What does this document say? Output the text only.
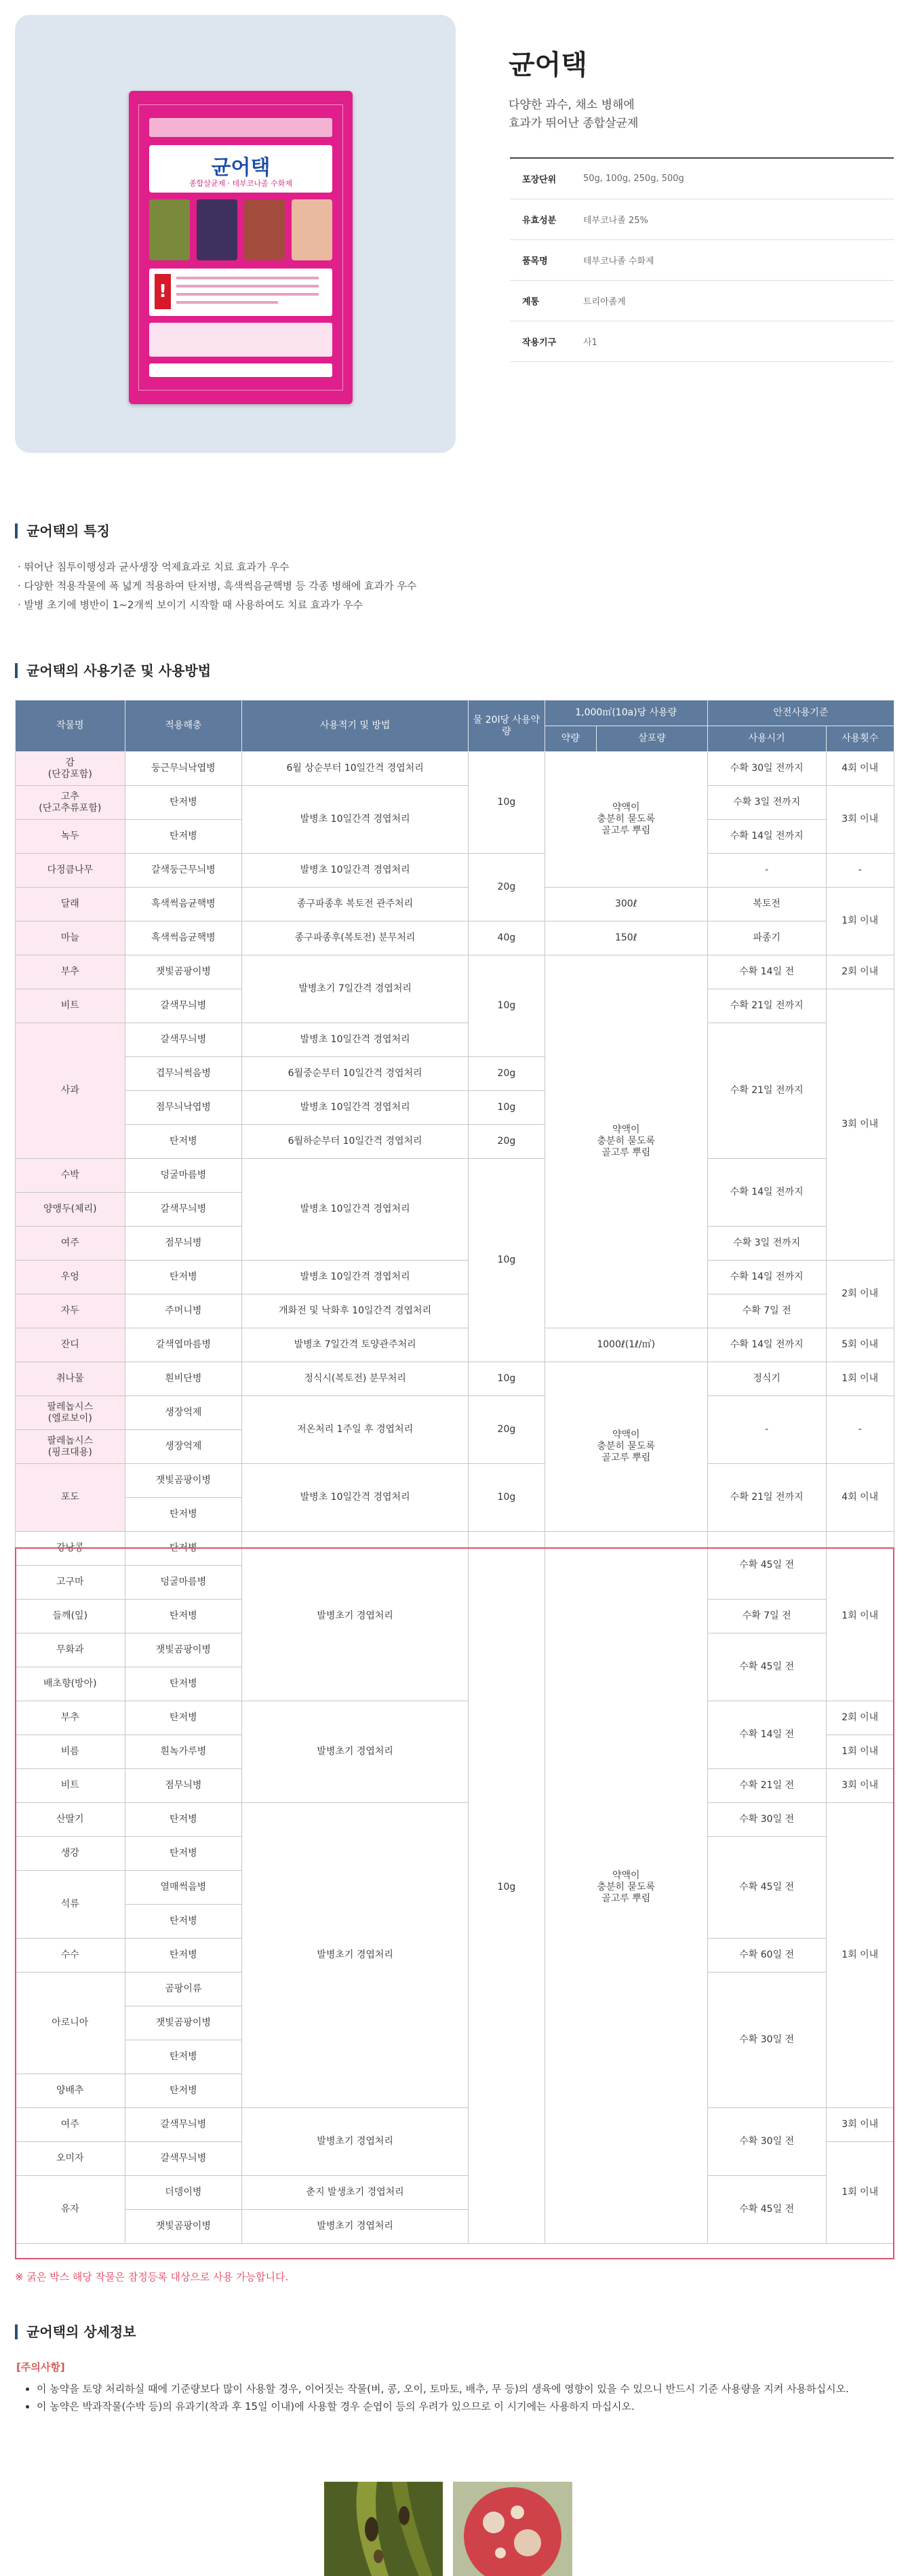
균어택
종합살균제 · 테부코나졸 수화제
!
균어택
다양한 과수, 채소 병해에
효과가 뛰어난 종합살균제
포장단위	50g, 100g, 250g, 500g
유효성분	테부코나졸 25%
품목명	테부코나졸 수화제
계통	트리아졸계
작용기구	사1
균어택의 특징
· 뛰어난 침투이행성과 균사생장 억제효과로 치료 효과가 우수
· 다양한 적용작물에 폭 넓게 적용하여 탄저병, 흑색썩음균핵병 등 각종 병해에 효과가 우수
· 발병 초기에 병반이 1~2개씩 보이기 시작할 때 사용하여도 치료 효과가 우수
균어택의 사용기준 및 사용방법
작물명	적용해충	사용적기 및 방법	물 20l당 사용약량	1,000㎡(10a)당 사용량		안전사용기준	
				약량	살포량	사용시기	사용횟수
감
(단감포함)	둥근무늬낙엽병	6월 상순부터 10일간격 경엽처리	10g	약액이
충분히 묻도록
골고루 뿌림		수확 30일 전까지	4회 이내
고추
(단고추류포함)	탄저병	발병초 10일간격 경엽처리				수확 3일 전까지	3회 이내
녹두	탄저병					수확 14일 전까지	
다정큼나무	갈색둥근무늬병	발병초 10일간격 경엽처리	20g			-	-
달래	흑색썩음균핵병	종구파종후 복토전 관주처리		300ℓ		복토전	1회 이내
마늘	흑색썩음균핵병	종구파종후(복토전) 분무처리	40g	150ℓ		파종기	
부추	잿빛곰팡이병	발병초기 7일간격 경엽처리	10g	약액이
충분히 묻도록
골고루 뿌림		수확 14일 전	2회 이내
비트	갈색무늬병					수확 21일 전까지	3회 이내
사과	갈색무늬병	발병초 10일간격 경엽처리				수확 21일 전까지	
	겹무늬썩음병	6월중순부터 10일간격 경엽처리	20g				
	점무늬낙엽병	발병초 10일간격 경엽처리	10g				
	탄저병	6월하순부터 10일간격 경엽처리	20g				
수박	덩굴마름병	발병초 10일간격 경엽처리	10g			수확 14일 전까지	
양앵두(체리)	갈색무늬병						
여주	점무늬병					수확 3일 전까지	
우엉	탄저병	발병초 10일간격 경엽처리				수확 14일 전까지	2회 이내
자두	주머니병	개화전 및 낙화후 10일간격 경엽처리				수확 7일 전	
잔디	갈색엽마름병	발병초 7일간격 토양관주처리		1000ℓ(1ℓ/㎡)		수확 14일 전까지	5회 이내
취나물	흰비단병	정식시(복토전) 분무처리	10g	약액이
충분히 묻도록
골고루 뿌림		정식기	1회 이내
팔레놉시스
(엘로보이)	생장억제	저온처리 1주일 후 경엽처리	20g			-	-
팔레놉시스
(핑크대용)	생장억제						
포도	잿빛곰팡이병	발병초 10일간격 경엽처리	10g			수확 21일 전까지	4회 이내
	탄저병						
강낭콩	탄저병	발병초기 경엽처리	10g	약액이
충분히 묻도록
골고루 뿌림		수확 45일 전	1회 이내
고구마	덩굴마름병						
들깨(잎)	탄저병					수확 7일 전	
무화과	잿빛곰팡이병					수확 45일 전	
배초향(방아)	탄저병						
부추	탄저병	발병초기 경엽처리				수확 14일 전	2회 이내
비름	흰녹가루병						1회 이내
비트	점무늬병					수확 21일 전	3회 이내
산딸기	탄저병	발병초기 경엽처리				수확 30일 전	1회 이내
생강	탄저병					수확 45일 전	
석류	열매썩음병						
	탄저병						
수수	탄저병					수확 60일 전	
아로니아	곰팡이류					수확 30일 전	
	잿빛곰팡이병						
	탄저병						
양배추	탄저병						
여주	갈색무늬병	발병초기 경엽처리				수확 30일 전	3회 이내
오미자	갈색무늬병						1회 이내
유자	더뎅이병	춘지 발생초기 경엽처리				수확 45일 전	
	잿빛곰팡이병	발병초기 경엽처리					
※ 굵은 박스 해당 작물은 잠정등록 대상으로 사용 가능합니다.
균어택의 상세정보
[주의사항]
• 이 농약을 토양 처리하실 때에 기준량보다 많이 사용할 경우, 이어짓는 작물(벼, 콩, 오이, 토마토, 배추, 무 등)의 생육에 영향이 있을 수 있으니 반드시 기준 사용량을 지켜 사용하십시오.
• 이 농약은 박과작물(수박 등)의 유과기(착과 후 15일 이내)에 사용할 경우 순엽이 등의 우려가 있으므로 이 시기에는 사용하지 마십시오.
